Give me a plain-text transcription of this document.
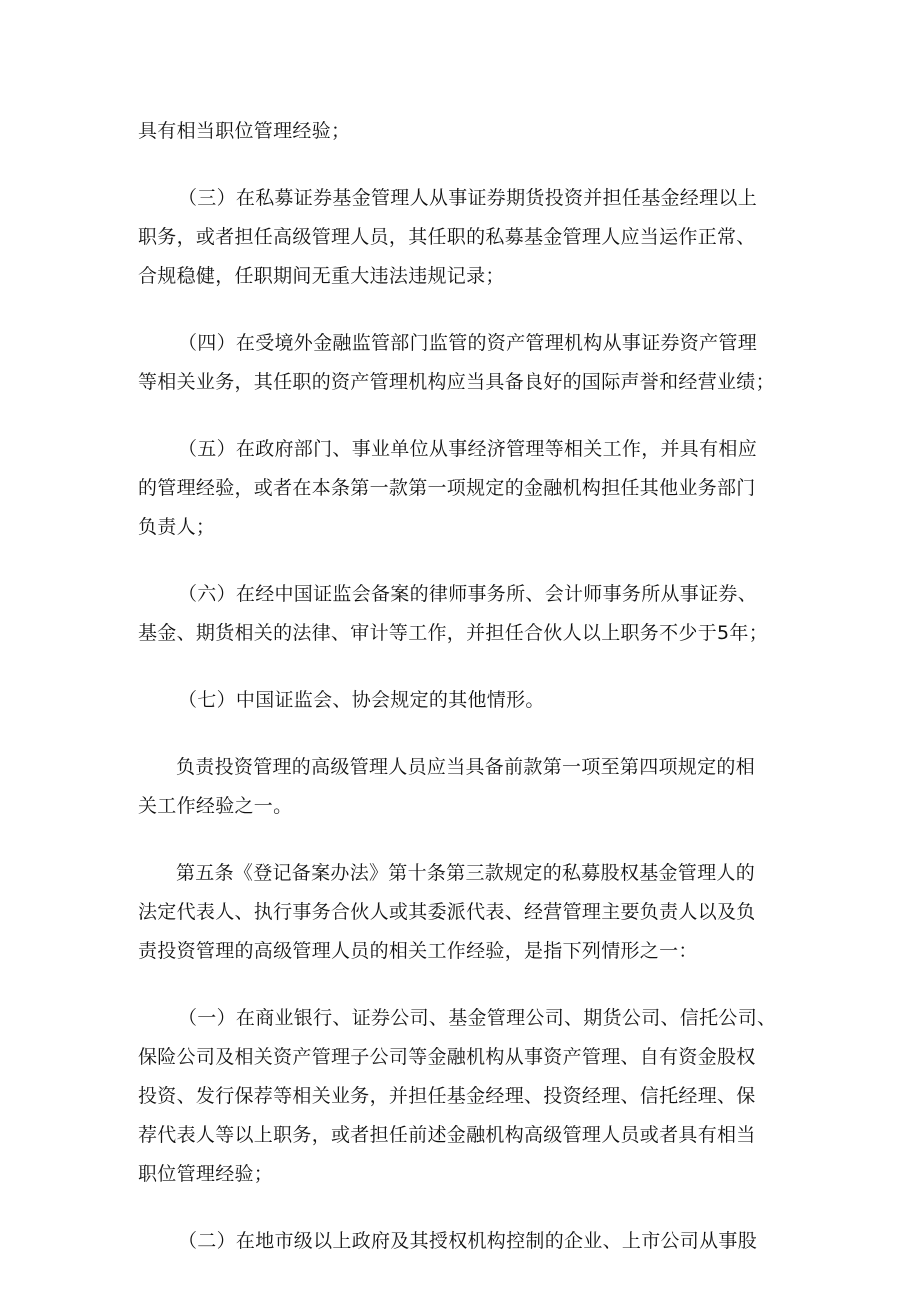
具有相当职位管理经验；

（三）在私募证券基金管理人从事证券期货投资并担任基金经理以上
职务，或者担任高级管理人员，其任职的私募基金管理人应当运作正常、
合规稳健，任职期间无重大违法违规记录；

（四）在受境外金融监管部门监管的资产管理机构从事证券资产管理
等相关业务，其任职的资产管理机构应当具备良好的国际声誉和经营业绩；

（五）在政府部门、事业单位从事经济管理等相关工作，并具有相应
的管理经验，或者在本条第一款第一项规定的金融机构担任其他业务部门
负责人；

（六）在经中国证监会备案的律师事务所、会计师事务所从事证券、
基金、期货相关的法律、审计等工作，并担任合伙人以上职务不少于5年；

（七）中国证监会、协会规定的其他情形。

负责投资管理的高级管理人员应当具备前款第一项至第四项规定的相
关工作经验之一。

第五条《登记备案办法》第十条第三款规定的私募股权基金管理人的
法定代表人、执行事务合伙人或其委派代表、经营管理主要负责人以及负
责投资管理的高级管理人员的相关工作经验，是指下列情形之一：

（一）在商业银行、证券公司、基金管理公司、期货公司、信托公司、
保险公司及相关资产管理子公司等金融机构从事资产管理、自有资金股权
投资、发行保荐等相关业务，并担任基金经理、投资经理、信托经理、保
荐代表人等以上职务，或者担任前述金融机构高级管理人员或者具有相当
职位管理经验；

（二）在地市级以上政府及其授权机构控制的企业、上市公司从事股
